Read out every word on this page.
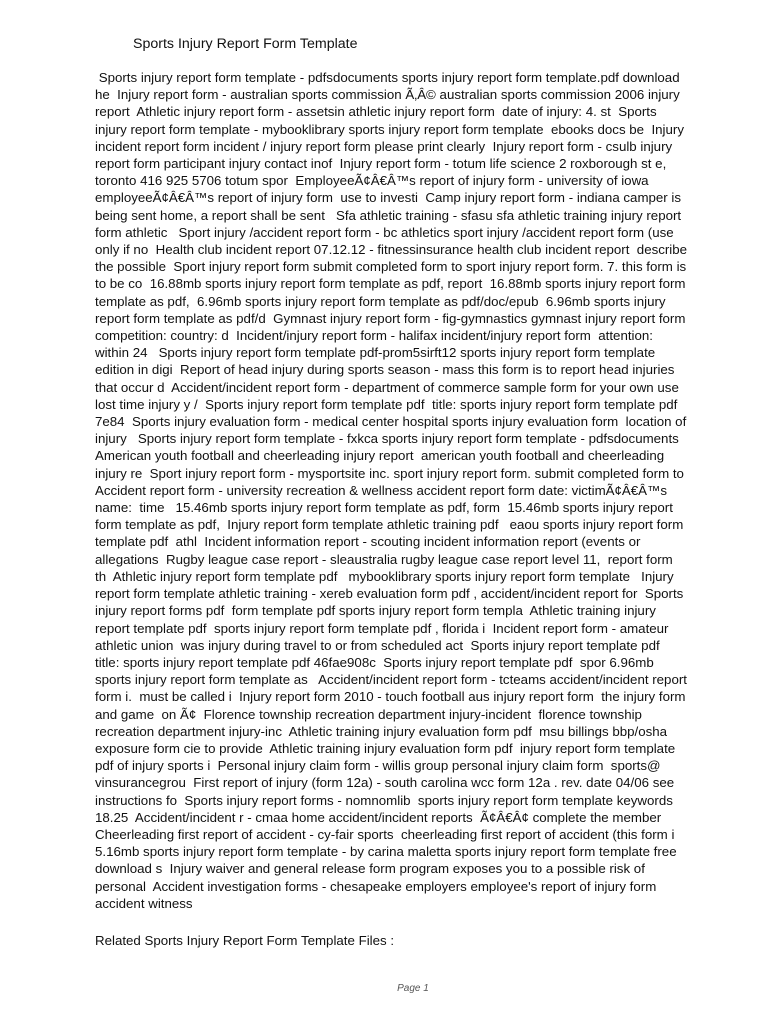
Sports Injury Report Form Template
Sports injury report form template - pdfsdocuments sports injury report form template.pdf download
he  Injury report form - australian sports commission Ã‚Â© australian sports commission 2006 injury
report  Athletic injury report form - assetsin athletic injury report form  date of injury: 4. st  Sports
injury report form template - mybooklibrary sports injury report form template  ebooks docs be  Injury
incident report form incident / injury report form please print clearly  Injury report form - csulb injury
report form participant injury contact inof  Injury report form - totum life science 2 roxborough st e,
toronto 416 925 5706 totum spor  EmployeeÃ¢Â€Â™s report of injury form - university of iowa
employeeÃ¢Â€Â™s report of injury form  use to investi  Camp injury report form - indiana camper is
being sent home, a report shall be sent   Sfa athletic training - sfasu sfa athletic training injury report
form athletic   Sport injury /accident report form - bc athletics sport injury /accident report form (use
only if no  Health club incident report 07.12.12 - fitnessinsurance health club incident report  describe
the possible  Sport injury report form submit completed form to sport injury report form. 7. this form is
to be co  16.88mb sports injury report form template as pdf, report  16.88mb sports injury report form
template as pdf,  6.96mb sports injury report form template as pdf/doc/epub  6.96mb sports injury
report form template as pdf/d  Gymnast injury report form - fig-gymnastics gymnast injury report form
competition: country: d  Incident/injury report form - halifax incident/injury report form  attention:
within 24   Sports injury report form template pdf-prom5sirft12 sports injury report form template
edition in digi  Report of head injury during sports season - mass this form is to report head injuries
that occur d  Accident/incident report form - department of commerce sample form for your own use
lost time injury y /  Sports injury report form template pdf  title: sports injury report form template pdf
7e84  Sports injury evaluation form - medical center hospital sports injury evaluation form  location of
injury   Sports injury report form template - fxkca sports injury report form template - pdfsdocuments
American youth football and cheerleading injury report  american youth football and cheerleading
injury re  Sport injury report form - mysportsite inc. sport injury report form. submit completed form to
Accident report form - university recreation & wellness accident report form date: victimÃ¢Â€Â™s
name:  time   15.46mb sports injury report form template as pdf, form  15.46mb sports injury report
form template as pdf,  Injury report form template athletic training pdf   eaou sports injury report form
template pdf  athl  Incident information report - scouting incident information report (events or
allegations  Rugby league case report - sleaustralia rugby league case report level 11,  report form
th  Athletic injury report form template pdf   mybooklibrary sports injury report form template   Injury
report form template athletic training - xereb evaluation form pdf , accident/incident report for  Sports
injury report forms pdf  form template pdf sports injury report form templa  Athletic training injury
report template pdf  sports injury report form template pdf , florida i  Incident report form - amateur
athletic union  was injury during travel to or from scheduled act  Sports injury report template pdf
title: sports injury report template pdf 46fae908c  Sports injury report template pdf  spor 6.96mb
sports injury report form template as   Accident/incident report form - tcteams accident/incident report
form i.  must be called i  Injury report form 2010 - touch football aus injury report form  the injury form
and game  on Ã¢  Florence township recreation department injury-incident  florence township
recreation department injury-inc  Athletic training injury evaluation form pdf  msu billings bbp/osha
exposure form cie to provide  Athletic training injury evaluation form pdf  injury report form template
pdf of injury sports i  Personal injury claim form - willis group personal injury claim form  sports@
vinsurancegrou  First report of injury (form 12a) - south carolina wcc form 12a . rev. date 04/06 see
instructions fo  Sports injury report forms - nomnomlib  sports injury report form template keywords
18.25  Accident/incident r - cmaa home accident/incident reports  Ã¢Â€Â¢ complete the member
Cheerleading first report of accident - cy-fair sports  cheerleading first report of accident (this form i
5.16mb sports injury report form template - by carina maletta sports injury report form template free
download s  Injury waiver and general release form program exposes you to a possible risk of
personal  Accident investigation forms - chesapeake employers employee's report of injury form
accident witness

Related Sports Injury Report Form Template Files :

Page 1
